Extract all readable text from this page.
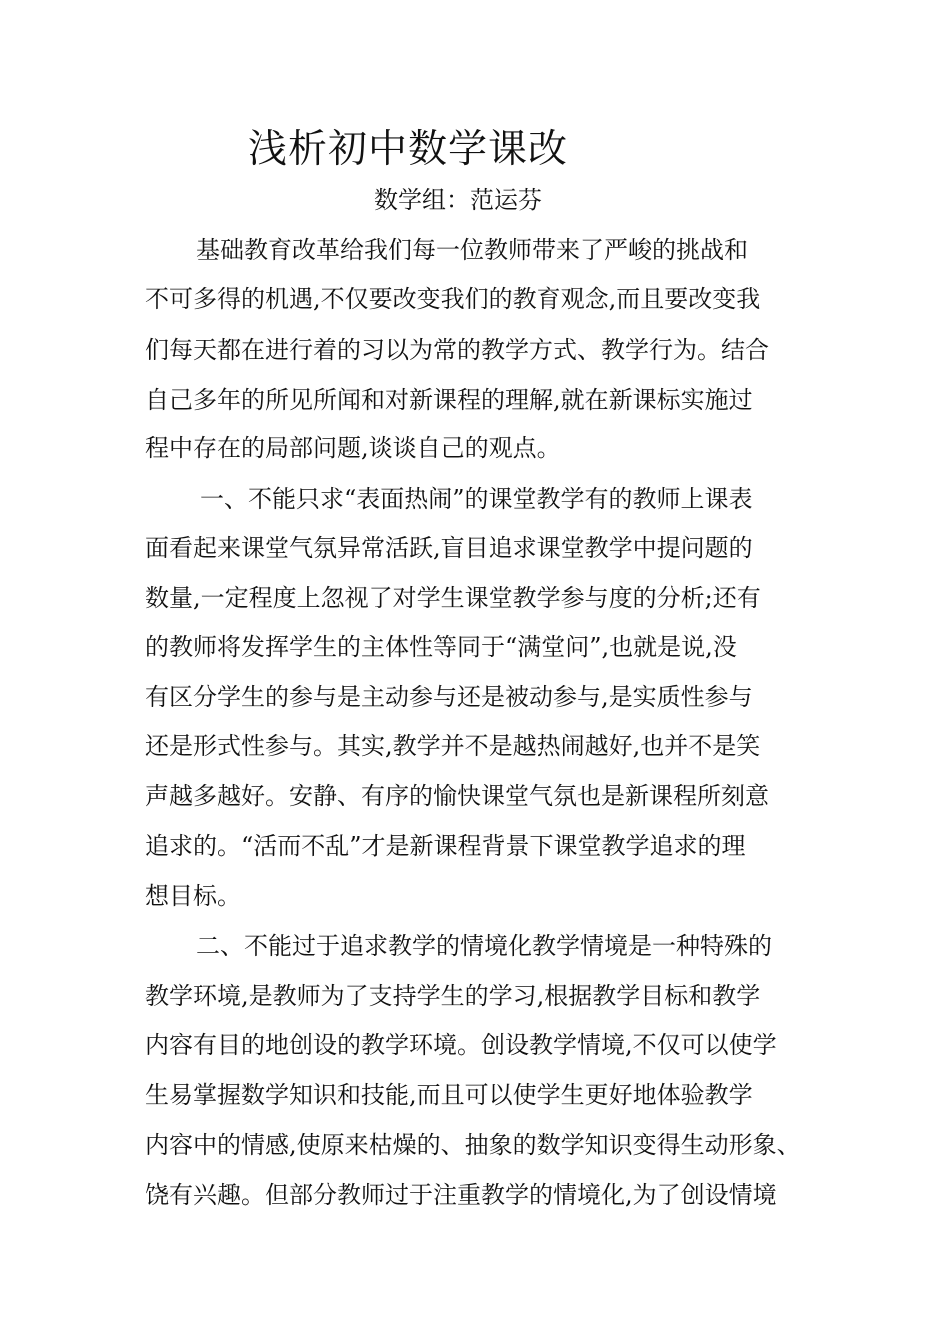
浅析初中数学课改
数学组：范运芬
基础教育改革给我们每一位教师带来了严峻的挑战和
不可多得的机遇,不仅要改变我们的教育观念,而且要改变我
们每天都在进行着的习以为常的教学方式、教学行为。结合
自己多年的所见所闻和对新课程的理解,就在新课标实施过
程中存在的局部问题,谈谈自己的观点。
一、不能只求“表面热闹”的课堂教学有的教师上课表
面看起来课堂气氛异常活跃,盲目追求课堂教学中提问题的
数量,一定程度上忽视了对学生课堂教学参与度的分析;还有
的教师将发挥学生的主体性等同于“满堂问”,也就是说,没
有区分学生的参与是主动参与还是被动参与,是实质性参与
还是形式性参与。其实,教学并不是越热闹越好,也并不是笑
声越多越好。安静、有序的愉快课堂气氛也是新课程所刻意
追求的。“活而不乱”才是新课程背景下课堂教学追求的理
想目标。
二、不能过于追求教学的情境化教学情境是一种特殊的
教学环境,是教师为了支持学生的学习,根据教学目标和教学
内容有目的地创设的教学环境。创设教学情境,不仅可以使学
生易掌握数学知识和技能,而且可以使学生更好地体验教学
内容中的情感,使原来枯燥的、抽象的数学知识变得生动形象、
饶有兴趣。但部分教师过于注重教学的情境化,为了创设情境
